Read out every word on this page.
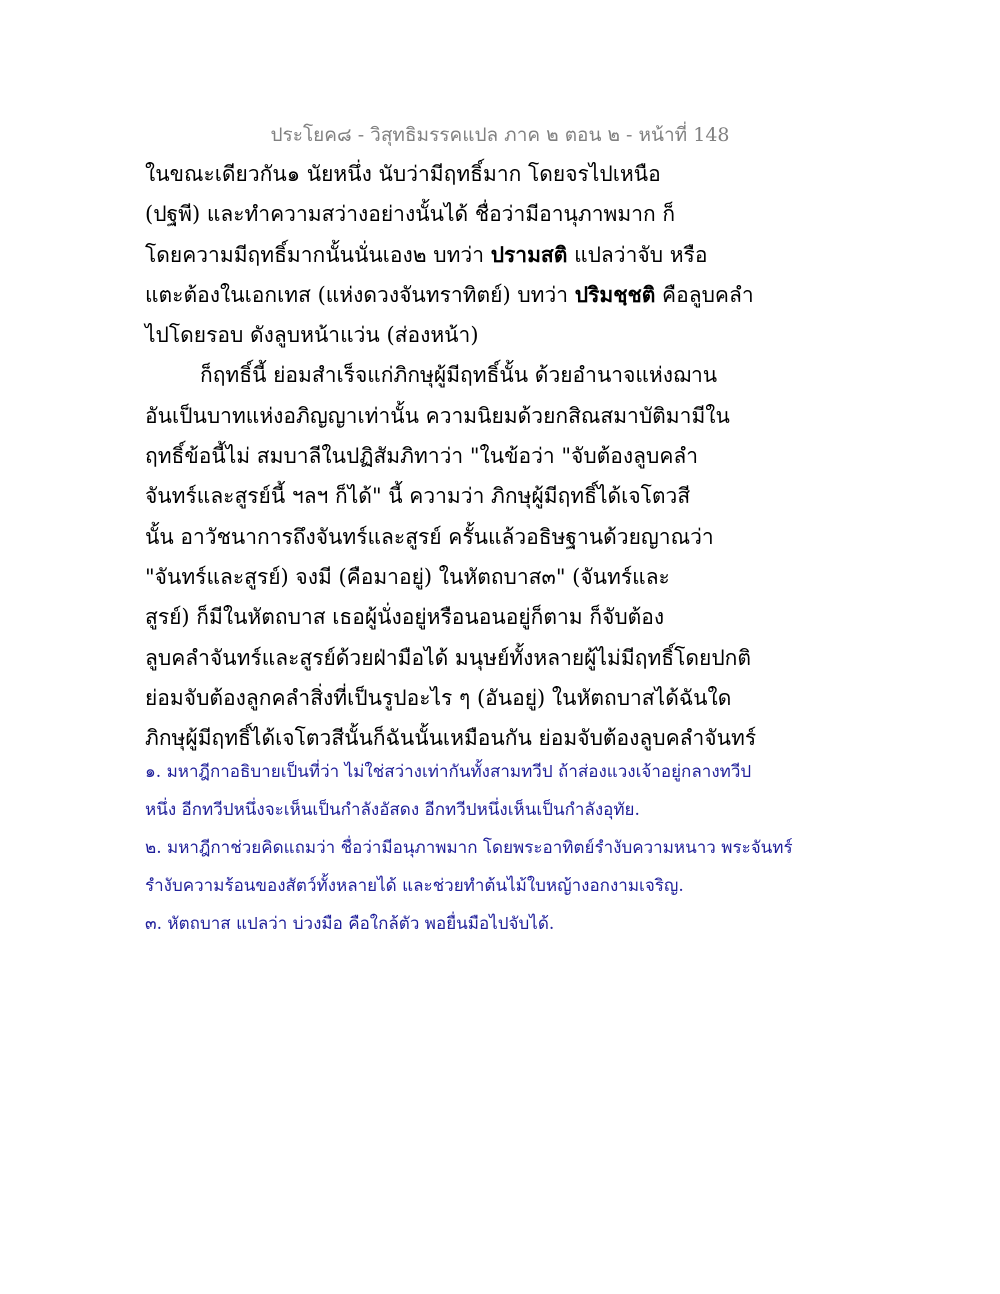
ประโยค๘ - วิสุทธิมรรคแปล ภาค ๒ ตอน ๒ - หน้าที่ 148
ในขณะเดียวกัน๑ นัยหนึ่ง นับว่ามีฤทธิ์มาก โดยจรไปเหนือ
(ปฐพี) และทำความสว่างอย่างนั้นได้ ชื่อว่ามีอานุภาพมาก ก็
โดยความมีฤทธิ์มากนั้นนั่นเอง๒ บทว่า ปรามสติ แปลว่าจับ หรือ
แตะต้องในเอกเทส (แห่งดวงจันทราทิตย์) บทว่า ปริมชฺชติ คือลูบคลำ
ไปโดยรอบ ดังลูบหน้าแว่น (ส่องหน้า)
ก็ฤทธิ์นี้ ย่อมสำเร็จแก่ภิกษุผู้มีฤทธิ์นั้น ด้วยอำนาจแห่งฌาน
อันเป็นบาทแห่งอภิญญาเท่านั้น ความนิยมด้วยกสิณสมาบัติมามีใน
ฤทธิ์ข้อนี้ไม่ สมบาลีในปฏิสัมภิทาว่า "ในข้อว่า "จับต้องลูบคลำ
จันทร์และสูรย์นี้ ฯลฯ ก็ได้" นี้ ความว่า ภิกษุผู้มีฤทธิ์ได้เจโตวสี
นั้น อาวัชนาการถึงจันทร์และสูรย์ ครั้นแล้วอธิษฐานด้วยญาณว่า
"จันทร์และสูรย์) จงมี (คือมาอยู่) ในหัตถบาส๓" (จันทร์และ
สูรย์) ก็มีในหัตถบาส เธอผู้นั่งอยู่หรือนอนอยู่ก็ตาม ก็จับต้อง
ลูบคลำจันทร์และสูรย์ด้วยฝ่ามือได้ มนุษย์ทั้งหลายผู้ไม่มีฤทธิ์โดยปกติ
ย่อมจับต้องลูกคลำสิ่งที่เป็นรูปอะไร ๆ (อันอยู่) ในหัตถบาสได้ฉันใด
ภิกษุผู้มีฤทธิ์ได้เจโตวสีนั้นก็ฉันนั้นเหมือนกัน ย่อมจับต้องลูบคลำจันทร์
๑. มหาฎีกาอธิบายเป็นที่ว่า ไม่ใช่สว่างเท่ากันทั้งสามทวีป ถ้าส่องแวงเจ้าอยู่กลางทวีป
หนึ่ง อีกทวีปหนึ่งจะเห็นเป็นกำลังอัสดง อีกทวีปหนึ่งเห็นเป็นกำลังอุทัย.
๒. มหาฎีกาช่วยคิดแถมว่า ชื่อว่ามีอนุภาพมาก โดยพระอาทิตย์รำงับความหนาว พระจันทร์
รำงับความร้อนของสัตว์ทั้งหลายได้ และช่วยทำต้นไม้ใบหญ้างอกงามเจริญ.
๓. หัตถบาส แปลว่า บ่วงมือ คือใกล้ตัว พอยื่นมือไปจับได้.
